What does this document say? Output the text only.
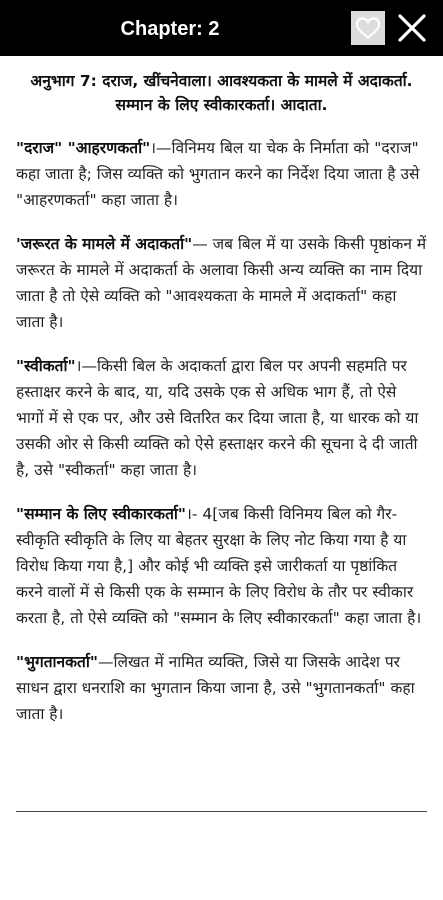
Chapter: 2
अनुभाग 7: दराज, खींचनेवाला। आवश्यकता के मामले में अदाकर्ता. सम्मान के लिए स्वीकारकर्ता। आदाता.

"दराज" "आहरणकर्ता"।—विनिमय बिल या चेक के निर्माता को "दराज" कहा जाता है; जिस व्यक्ति को भुगतान करने का निर्देश दिया जाता है उसे "आहरणकर्ता" कहा जाता है।

'जरूरत के मामले में अदाकर्ता"— जब बिल में या उसके किसी पृष्ठांकन में जरूरत के मामले में अदाकर्ता के अलावा किसी अन्य व्यक्ति का नाम दिया जाता है तो ऐसे व्यक्ति को "आवश्यकता के मामले में अदाकर्ता" कहा जाता है।

"स्वीकर्ता"।—किसी बिल के अदाकर्ता द्वारा बिल पर अपनी सहमति पर हस्ताक्षर करने के बाद, या, यदि उसके एक से अधिक भाग हैं, तो ऐसे भागों में से एक पर, और उसे वितरित कर दिया जाता है, या धारक को या उसकी ओर से किसी व्यक्ति को ऐसे हस्ताक्षर करने की सूचना दे दी जाती है, उसे "स्वीकर्ता" कहा जाता है।

"सम्मान के लिए स्वीकारकर्ता"।- 4[जब किसी विनिमय बिल को गैर-स्वीकृति स्वीकृति के लिए या बेहतर सुरक्षा के लिए नोट किया गया है या विरोध किया गया है,] और कोई भी व्यक्ति इसे जारीकर्ता या पृष्ठांकित करने वालों में से किसी एक के सम्मान के लिए विरोध के तौर पर स्वीकार करता है, तो ऐसे व्यक्ति को "सम्मान के लिए स्वीकारकर्ता" कहा जाता है।

"भुगतानकर्ता"—लिखत में नामित व्यक्ति, जिसे या जिसके आदेश पर साधन द्वारा धनराशि का भुगतान किया जाना है, उसे "भुगतानकर्ता" कहा जाता है।
